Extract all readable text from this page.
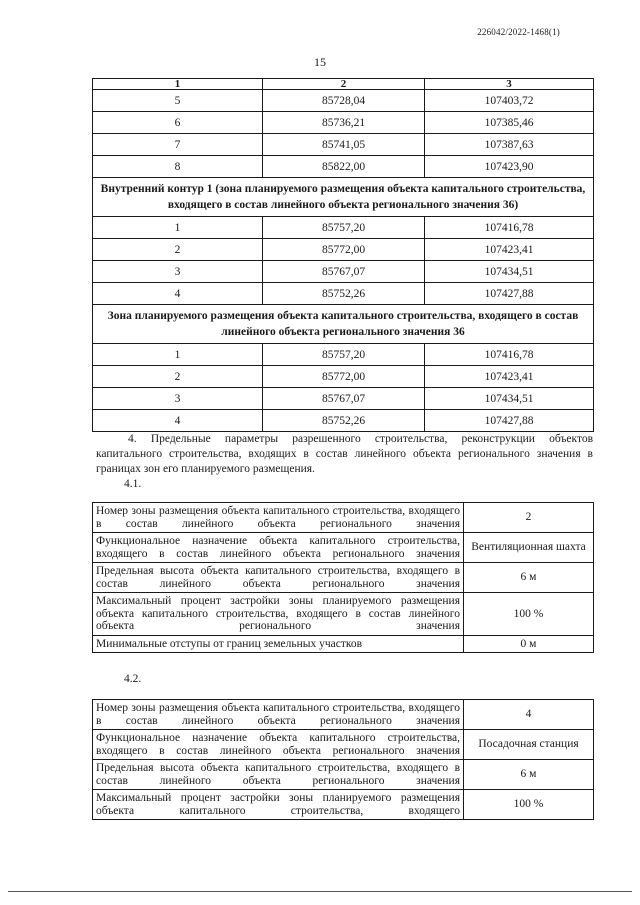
226042/2022-1468(1)
15
1	2	3
5	85728,04	107403,72
6	85736,21	107385,46
7	85741,05	107387,63
8	85822,00	107423,90
Внутренний контур 1 (зона планируемого размещения объекта капитального строительства, входящего в состав линейного объекта регионального значения 36)		
1	85757,20	107416,78
2	85772,00	107423,41
3	85767,07	107434,51
4	85752,26	107427,88
Зона планируемого размещения объекта капитального строительства, входящего в состав линейного объекта регионального значения 36		
1	85757,20	107416,78
2	85772,00	107423,41
3	85767,07	107434,51
4	85752,26	107427,88
4. Предельные параметры разрешенного строительства, реконструкции объектов капитального строительства, входящих в состав линейного объекта регионального значения в границах зон его планируемого размещения.
4.1.
Номер зоны размещения объекта капитального строительства, входящего в состав линейного объекта регионального значения	2
Функциональное назначение объекта капитального строительства, входящего в состав линейного объекта регионального значения	Вентиляционная шахта
Предельная высота объекта капитального строительства, входящего в состав линейного объекта регионального значения	6 м
Максимальный процент застройки зоны планируемого размещения объекта капитального строительства, входящего в состав линейного объекта регионального значения	100 %
Минимальные отступы от границ земельных участков	0 м
4.2.
Номер зоны размещения объекта капитального строительства, входящего в состав линейного объекта регионального значения	4
Функциональное назначение объекта капитального строительства, входящего в состав линейного объекта регионального значения	Посадочная станция
Предельная высота объекта капитального строительства, входящего в состав линейного объекта регионального значения	6 м
Максимальный процент застройки зоны планируемого размещения объекта капитального строительства, входящего	100 %
